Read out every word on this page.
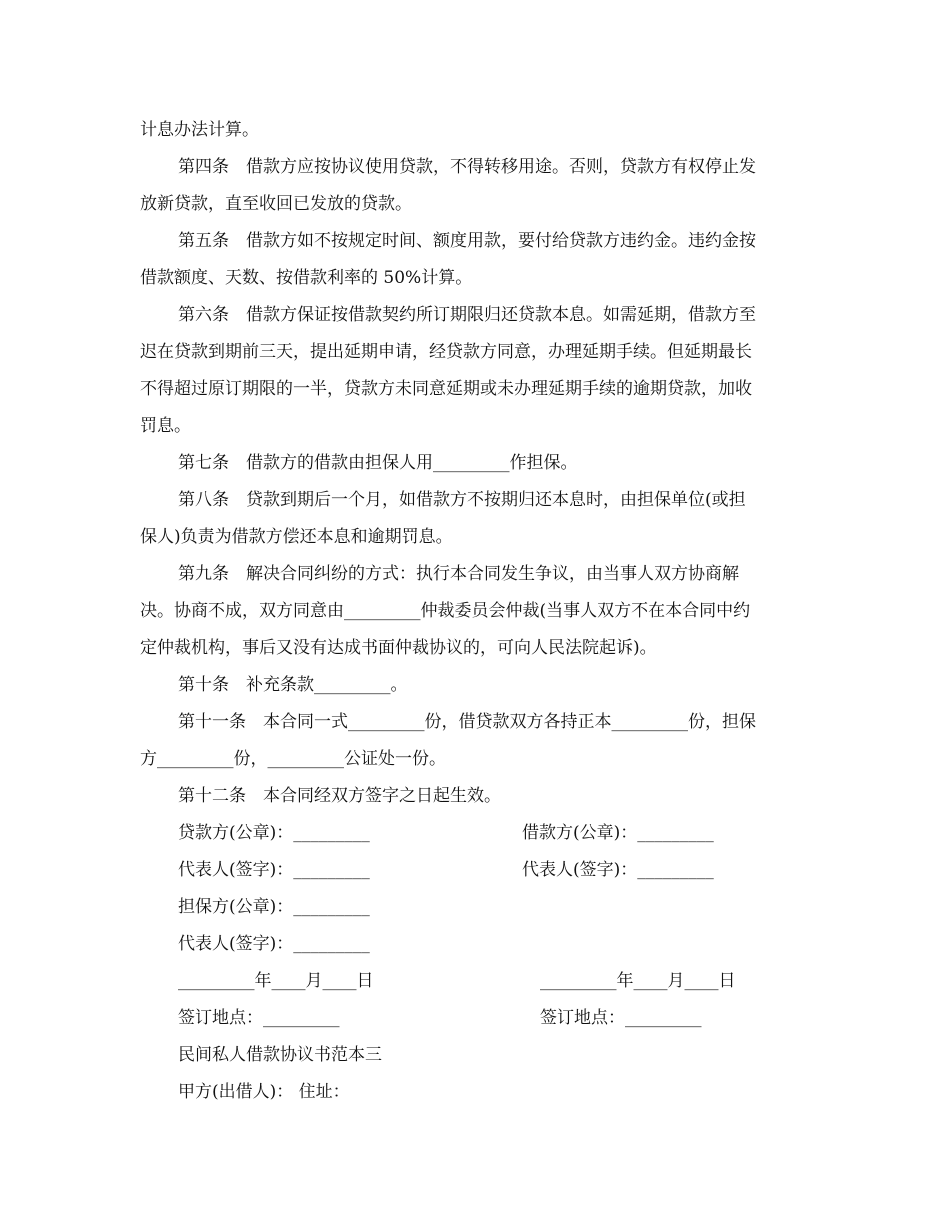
计息办法计算。
第四条　借款方应按协议使用贷款，不得转移用途。否则，贷款方有权停止发
放新贷款，直至收回已发放的贷款。
第五条　借款方如不按规定时间、额度用款，要付给贷款方违约金。违约金按
借款额度、天数、按借款利率的 50%计算。
第六条　借款方保证按借款契约所订期限归还贷款本息。如需延期，借款方至
迟在贷款到期前三天，提出延期申请，经贷款方同意，办理延期手续。但延期最长
不得超过原订期限的一半，贷款方未同意延期或未办理延期手续的逾期贷款，加收
罚息。
第七条　借款方的借款由担保人用_________作担保。
第八条　贷款到期后一个月，如借款方不按期归还本息时，由担保单位(或担
保人)负责为借款方偿还本息和逾期罚息。
第九条　解决合同纠纷的方式：执行本合同发生争议，由当事人双方协商解
决。协商不成，双方同意由_________仲裁委员会仲裁(当事人双方不在本合同中约
定仲裁机构，事后又没有达成书面仲裁协议的，可向人民法院起诉)。
第十条　补充条款_________。
第十一条　本合同一式_________份，借贷款双方各持正本_________份，担保
方_________份，_________公证处一份。
第十二条　本合同经双方签字之日起生效。
贷款方(公章)：_________	借款方(公章)：_________
代表人(签字)：_________	代表人(签字)：_________
担保方(公章)：_________
代表人(签字)：_________
_________年____月____日	_________年____月____日
签订地点：_________	签订地点：_________
民间私人借款协议书范本三
甲方(出借人)： 住址：
